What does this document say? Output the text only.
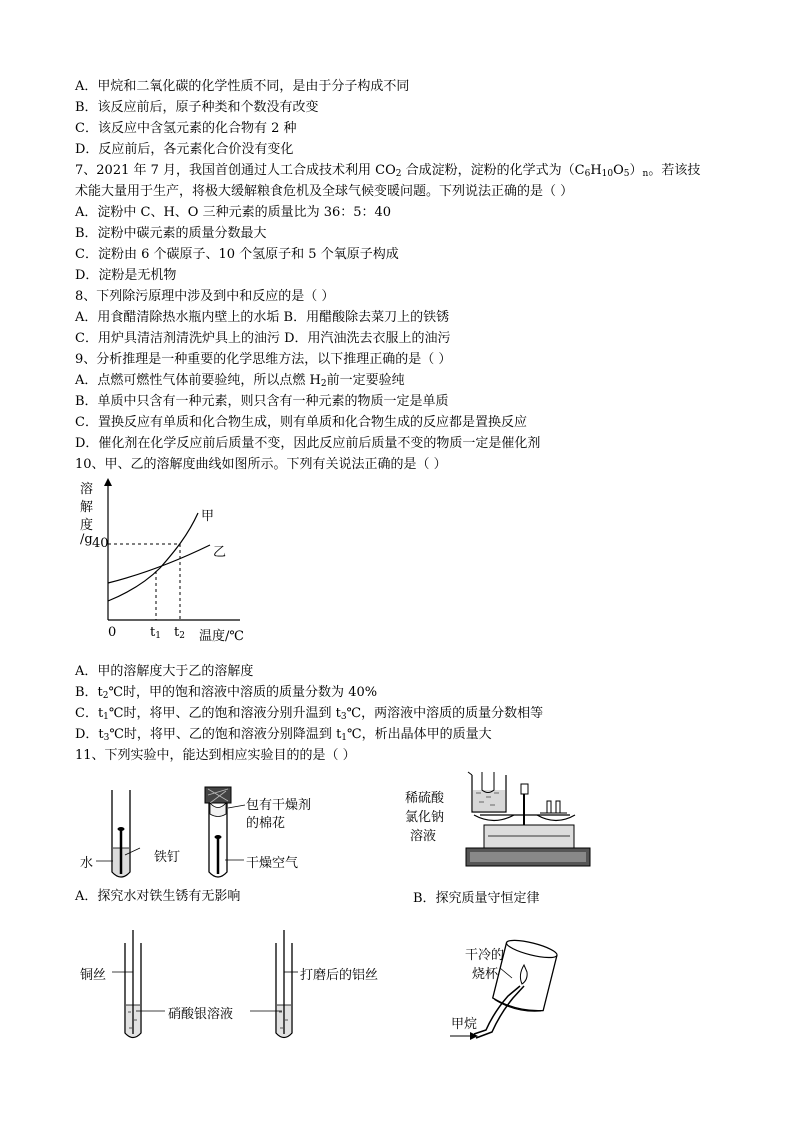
A．甲烷和二氧化碳的化学性质不同，是由于分子构成不同
B．该反应前后，原子种类和个数没有改变
C．该反应中含氢元素的化合物有 2 种
D．反应前后，各元素化合价没有变化
7、2021 年 7 月，我国首创通过人工合成技术利用 $CO_2$ 合成淀粉，淀粉的化学式为$(C_6H_{10}O_5)_n$。若该技
术能大量用于生产，将极大缓解粮食危机及全球气候变暖问题。下列说法正确的是（ ）
A．淀粉中 C、H、O 三种元素的质量比为 36：5：40
B．淀粉中碳元素的质量分数最大
C．淀粉由 6 个碳原子、10 个氢原子和 5 个氧原子构成
D．淀粉是无机物
8、下列除污原理中涉及到中和反应的是（ ）
A．用食醋清除热水瓶内壁上的水垢 B．用醋酸除去菜刀上的铁锈
C．用炉具清洁剂清洗炉具上的油污 D．用汽油洗去衣服上的油污
9、分析推理是一种重要的化学思维方法，以下推理正确的是（ ）
A．点燃可燃性气体前要验纯，所以点燃 $H_2$前一定要验纯
B．单质中只含有一种元素，则只含有一种元素的物质一定是单质
C．置换反应有单质和化合物生成，则有单质和化合物生成的反应都是置换反应
D．催化剂在化学反应前后质量不变，因此反应前后质量不变的物质一定是催化剂
10、甲、乙的溶解度曲线如图所示。下列有关说法正确的是（ ）
溶
解
度
/g 40
0	$t_1$ $t_2$ 温度/℃
甲
乙
A．甲的溶解度大于乙的溶解度
B．$t_2℃$时，甲的饱和溶液中溶质的质量分数为 40%
C．$t_1℃$时，将甲、乙的饱和溶液分别升温到 $t_3℃$，两溶液中溶质的质量分数相等
D．$t_3℃$时，将甲、乙的饱和溶液分别降温到 $t_1℃$，析出晶体甲的质量大
11、下列实验中，能达到相应实验目的的是（ ）
包有干燥剂
的棉花
铁钉
水	干燥空气
A．探究水对铁生锈有无影响
稀硫酸
氯化钠
溶液
B．探究质量守恒定律
铜丝	打磨后的铝丝
硝酸银溶液
干冷的
烧杯
甲烷
